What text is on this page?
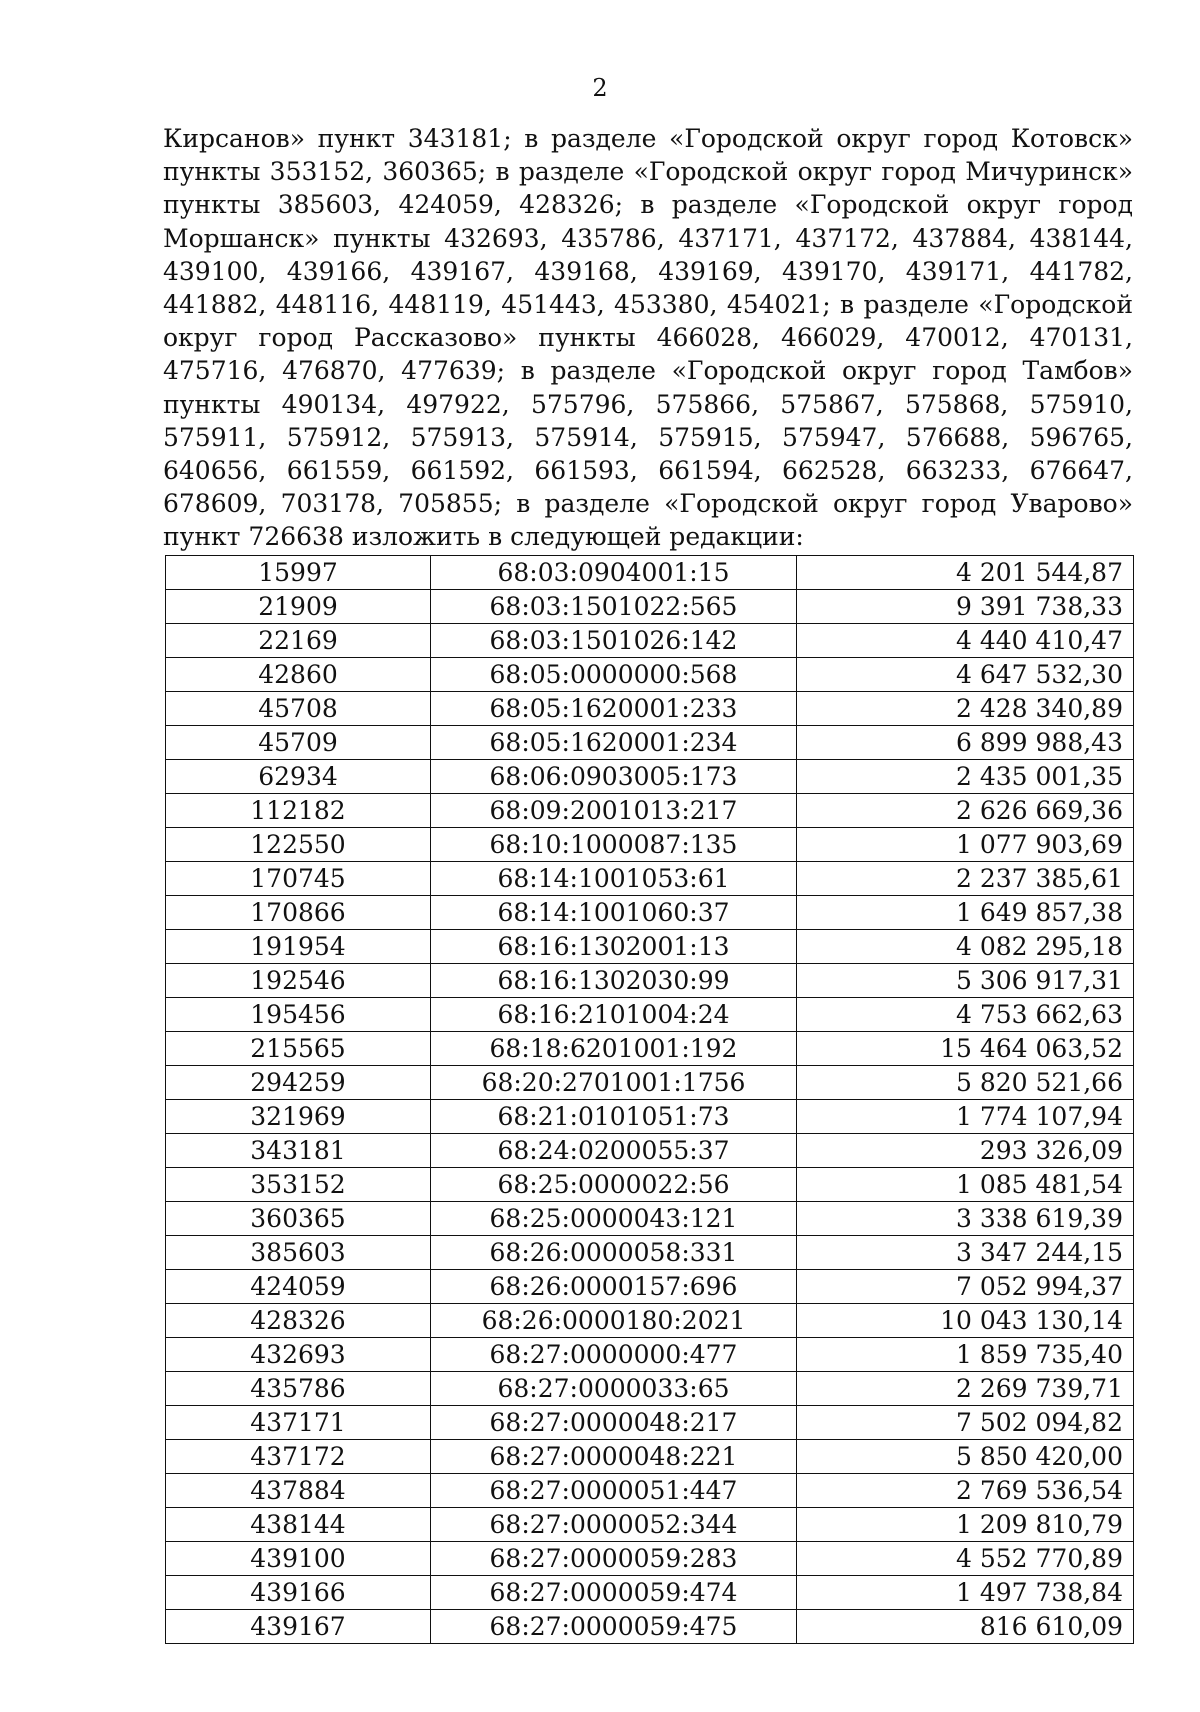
2

Кирсанов» пункт 343181; в разделе «Городской округ город Котовск» пункты 353152, 360365; в разделе «Городской округ город Мичуринск» пункты 385603, 424059, 428326; в разделе «Городской округ город Моршанск» пункты 432693, 435786, 437171, 437172, 437884, 438144, 439100, 439166, 439167, 439168, 439169, 439170, 439171, 441782, 441882, 448116, 448119, 451443, 453380, 454021; в разделе «Городской округ город Рассказово» пункты 466028, 466029, 470012, 470131, 475716, 476870, 477639; в разделе «Городской округ город Тамбов» пункты 490134, 497922, 575796, 575866, 575867, 575868, 575910, 575911, 575912, 575913, 575914, 575915, 575947, 576688, 596765, 640656, 661559, 661592, 661593, 661594, 662528, 663233, 676647, 678609, 703178, 705855; в разделе «Городской округ город Уварово» пункт 726638 изложить в следующей редакции:

15997	68:03:0904001:15	4 201 544,87
21909	68:03:1501022:565	9 391 738,33
22169	68:03:1501026:142	4 440 410,47
42860	68:05:0000000:568	4 647 532,30
45708	68:05:1620001:233	2 428 340,89
45709	68:05:1620001:234	6 899 988,43
62934	68:06:0903005:173	2 435 001,35
112182	68:09:2001013:217	2 626 669,36
122550	68:10:1000087:135	1 077 903,69
170745	68:14:1001053:61	2 237 385,61
170866	68:14:1001060:37	1 649 857,38
191954	68:16:1302001:13	4 082 295,18
192546	68:16:1302030:99	5 306 917,31
195456	68:16:2101004:24	4 753 662,63
215565	68:18:6201001:192	15 464 063,52
294259	68:20:2701001:1756	5 820 521,66
321969	68:21:0101051:73	1 774 107,94
343181	68:24:0200055:37	293 326,09
353152	68:25:0000022:56	1 085 481,54
360365	68:25:0000043:121	3 338 619,39
385603	68:26:0000058:331	3 347 244,15
424059	68:26:0000157:696	7 052 994,37
428326	68:26:0000180:2021	10 043 130,14
432693	68:27:0000000:477	1 859 735,40
435786	68:27:0000033:65	2 269 739,71
437171	68:27:0000048:217	7 502 094,82
437172	68:27:0000048:221	5 850 420,00
437884	68:27:0000051:447	2 769 536,54
438144	68:27:0000052:344	1 209 810,79
439100	68:27:0000059:283	4 552 770,89
439166	68:27:0000059:474	1 497 738,84
439167	68:27:0000059:475	816 610,09
